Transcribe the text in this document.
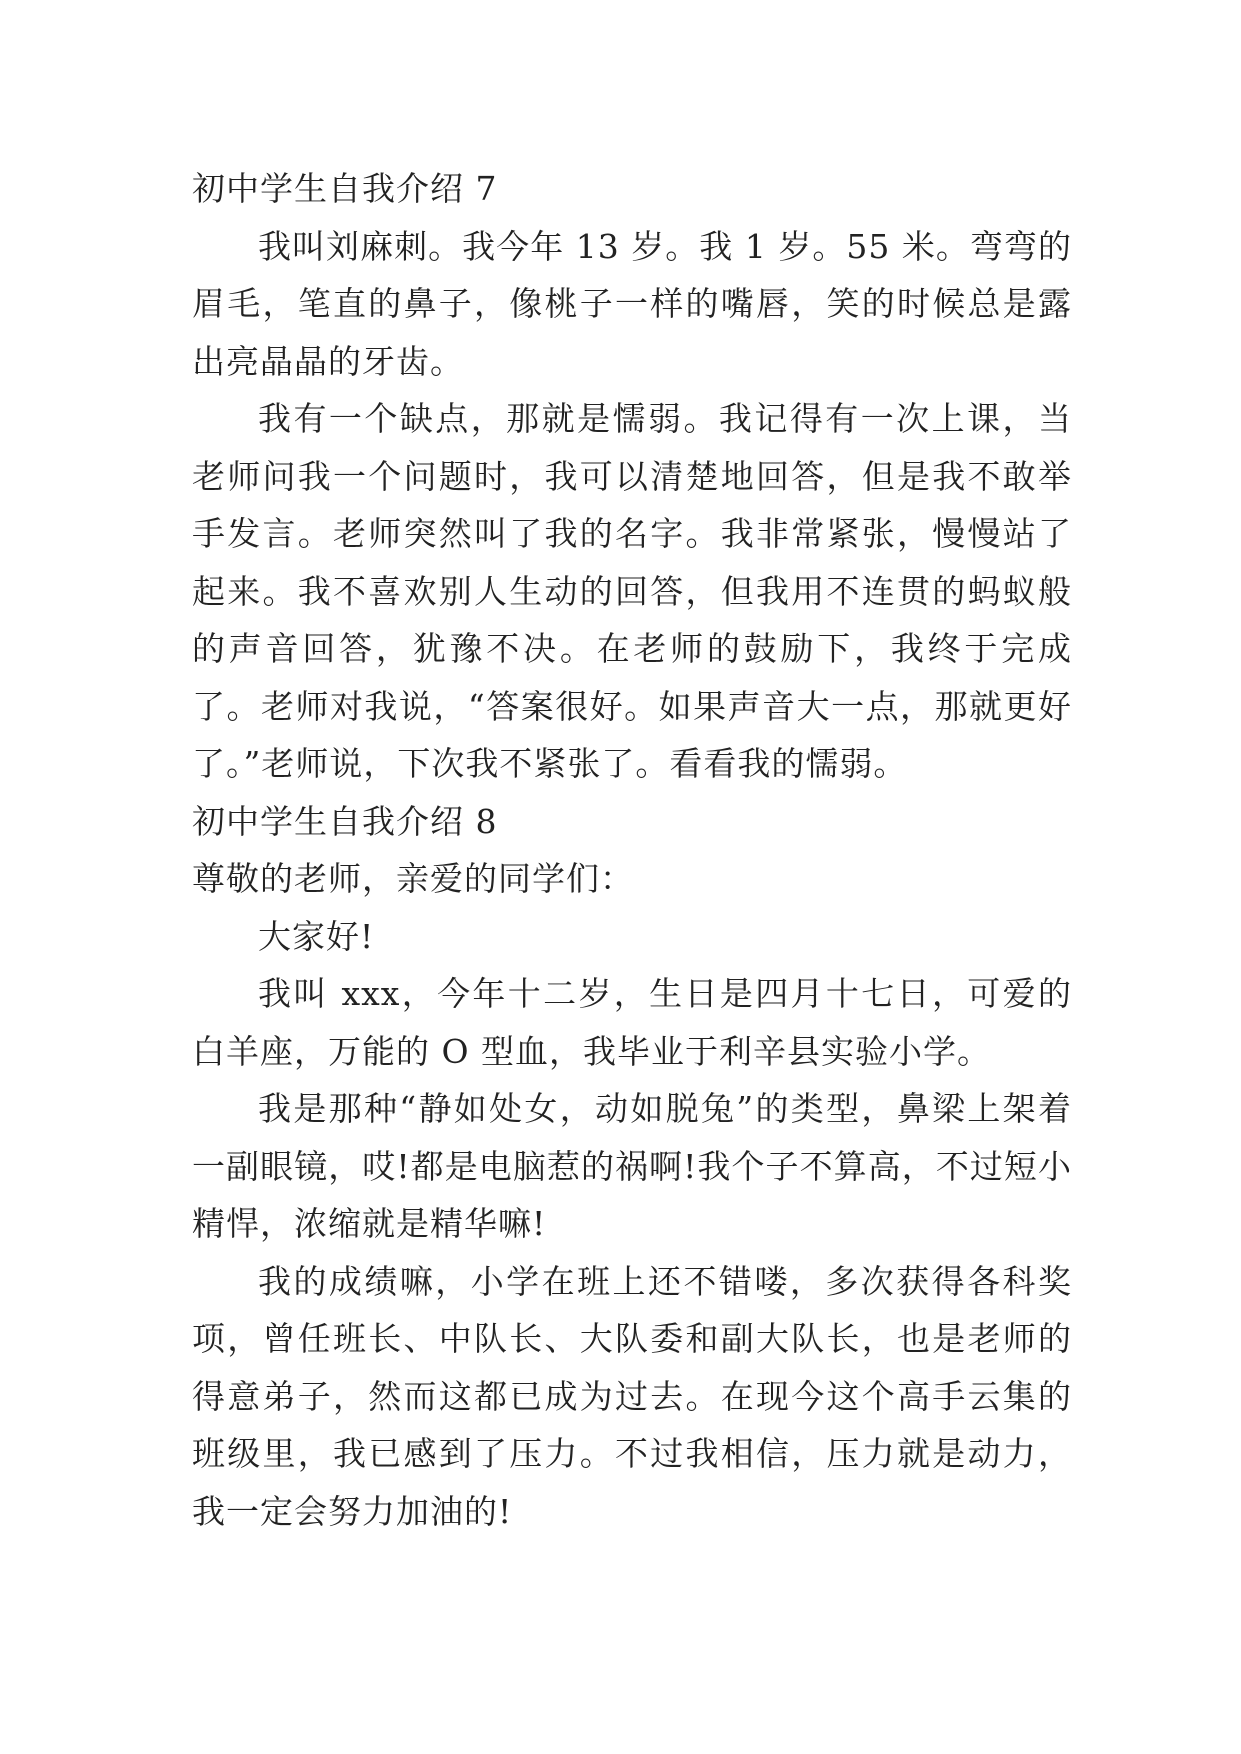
初中学生自我介绍 7

我叫刘麻刺。我今年 13 岁。我 1 岁。55 米。弯弯的眉毛，笔直的鼻子，像桃子一样的嘴唇，笑的时候总是露出亮晶晶的牙齿。

我有一个缺点，那就是懦弱。我记得有一次上课，当老师问我一个问题时，我可以清楚地回答，但是我不敢举手发言。老师突然叫了我的名字。我非常紧张，慢慢站了起来。我不喜欢别人生动的回答，但我用不连贯的蚂蚁般的声音回答，犹豫不决。在老师的鼓励下，我终于完成了。老师对我说，“答案很好。如果声音大一点，那就更好了。”老师说，下次我不紧张了。看看我的懦弱。

初中学生自我介绍 8

尊敬的老师，亲爱的同学们：

大家好!

我叫 xxx，今年十二岁，生日是四月十七日，可爱的白羊座，万能的 O 型血，我毕业于利辛县实验小学。

我是那种“静如处女，动如脱兔”的类型，鼻梁上架着一副眼镜，哎!都是电脑惹的祸啊!我个子不算高，不过短小精悍，浓缩就是精华嘛!

我的成绩嘛，小学在班上还不错喽，多次获得各科奖项，曾任班长、中队长、大队委和副大队长，也是老师的得意弟子，然而这都已成为过去。在现今这个高手云集的班级里，我已感到了压力。不过我相信，压力就是动力，我一定会努力加油的!
